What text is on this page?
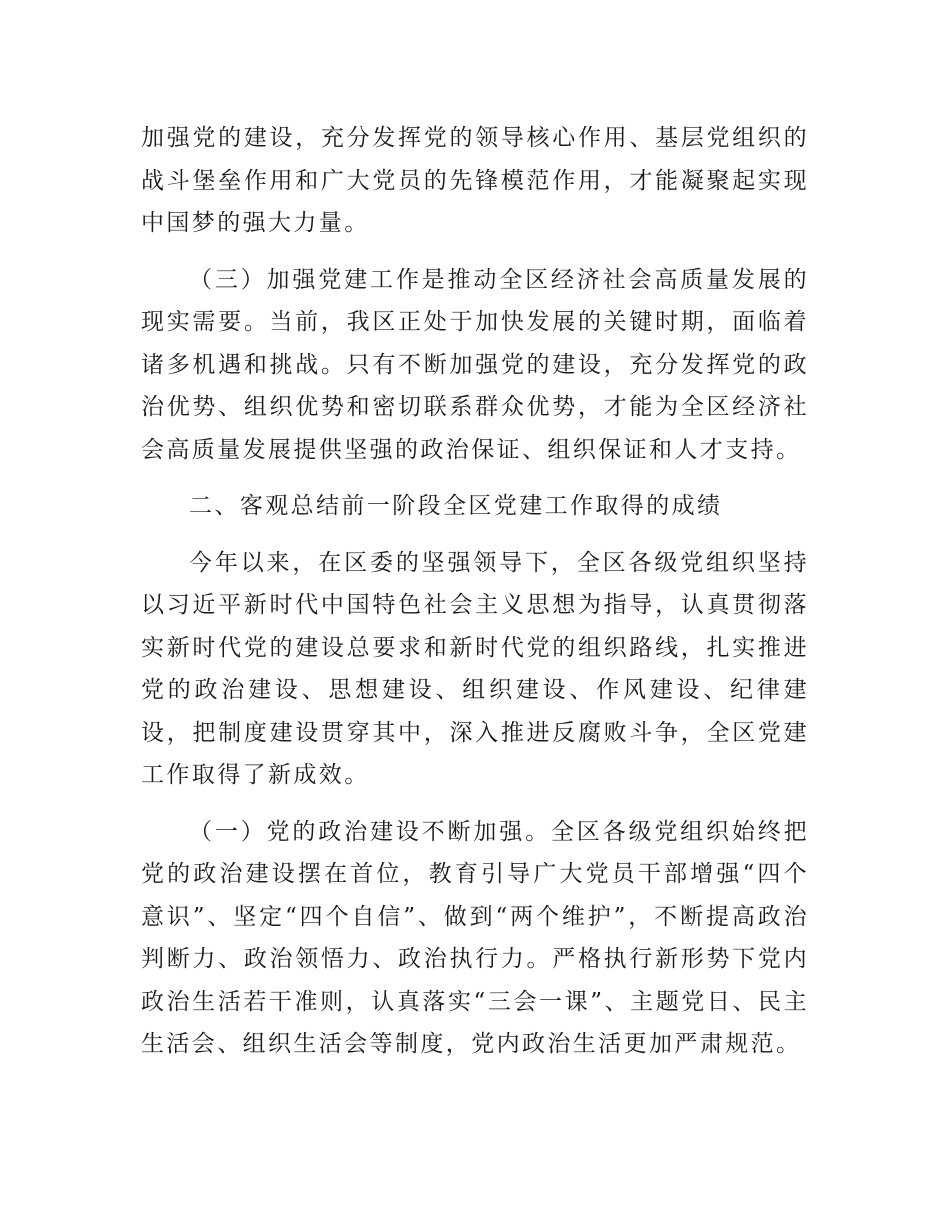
加强党的建设，充分发挥党的领导核心作用、基层党组织的战斗堡垒作用和广大党员的先锋模范作用，才能凝聚起实现中国梦的强大力量。

（三）加强党建工作是推动全区经济社会高质量发展的现实需要。当前，我区正处于加快发展的关键时期，面临着诸多机遇和挑战。只有不断加强党的建设，充分发挥党的政治优势、组织优势和密切联系群众优势，才能为全区经济社会高质量发展提供坚强的政治保证、组织保证和人才支持。

二、客观总结前一阶段全区党建工作取得的成绩

今年以来，在区委的坚强领导下，全区各级党组织坚持以习近平新时代中国特色社会主义思想为指导，认真贯彻落实新时代党的建设总要求和新时代党的组织路线，扎实推进党的政治建设、思想建设、组织建设、作风建设、纪律建设，把制度建设贯穿其中，深入推进反腐败斗争，全区党建工作取得了新成效。

（一）党的政治建设不断加强。全区各级党组织始终把党的政治建设摆在首位，教育引导广大党员干部增强“四个意识”、坚定“四个自信”、做到“两个维护”，不断提高政治判断力、政治领悟力、政治执行力。严格执行新形势下党内政治生活若干准则，认真落实“三会一课”、主题党日、民主生活会、组织生活会等制度，党内政治生活更加严肃规范。
